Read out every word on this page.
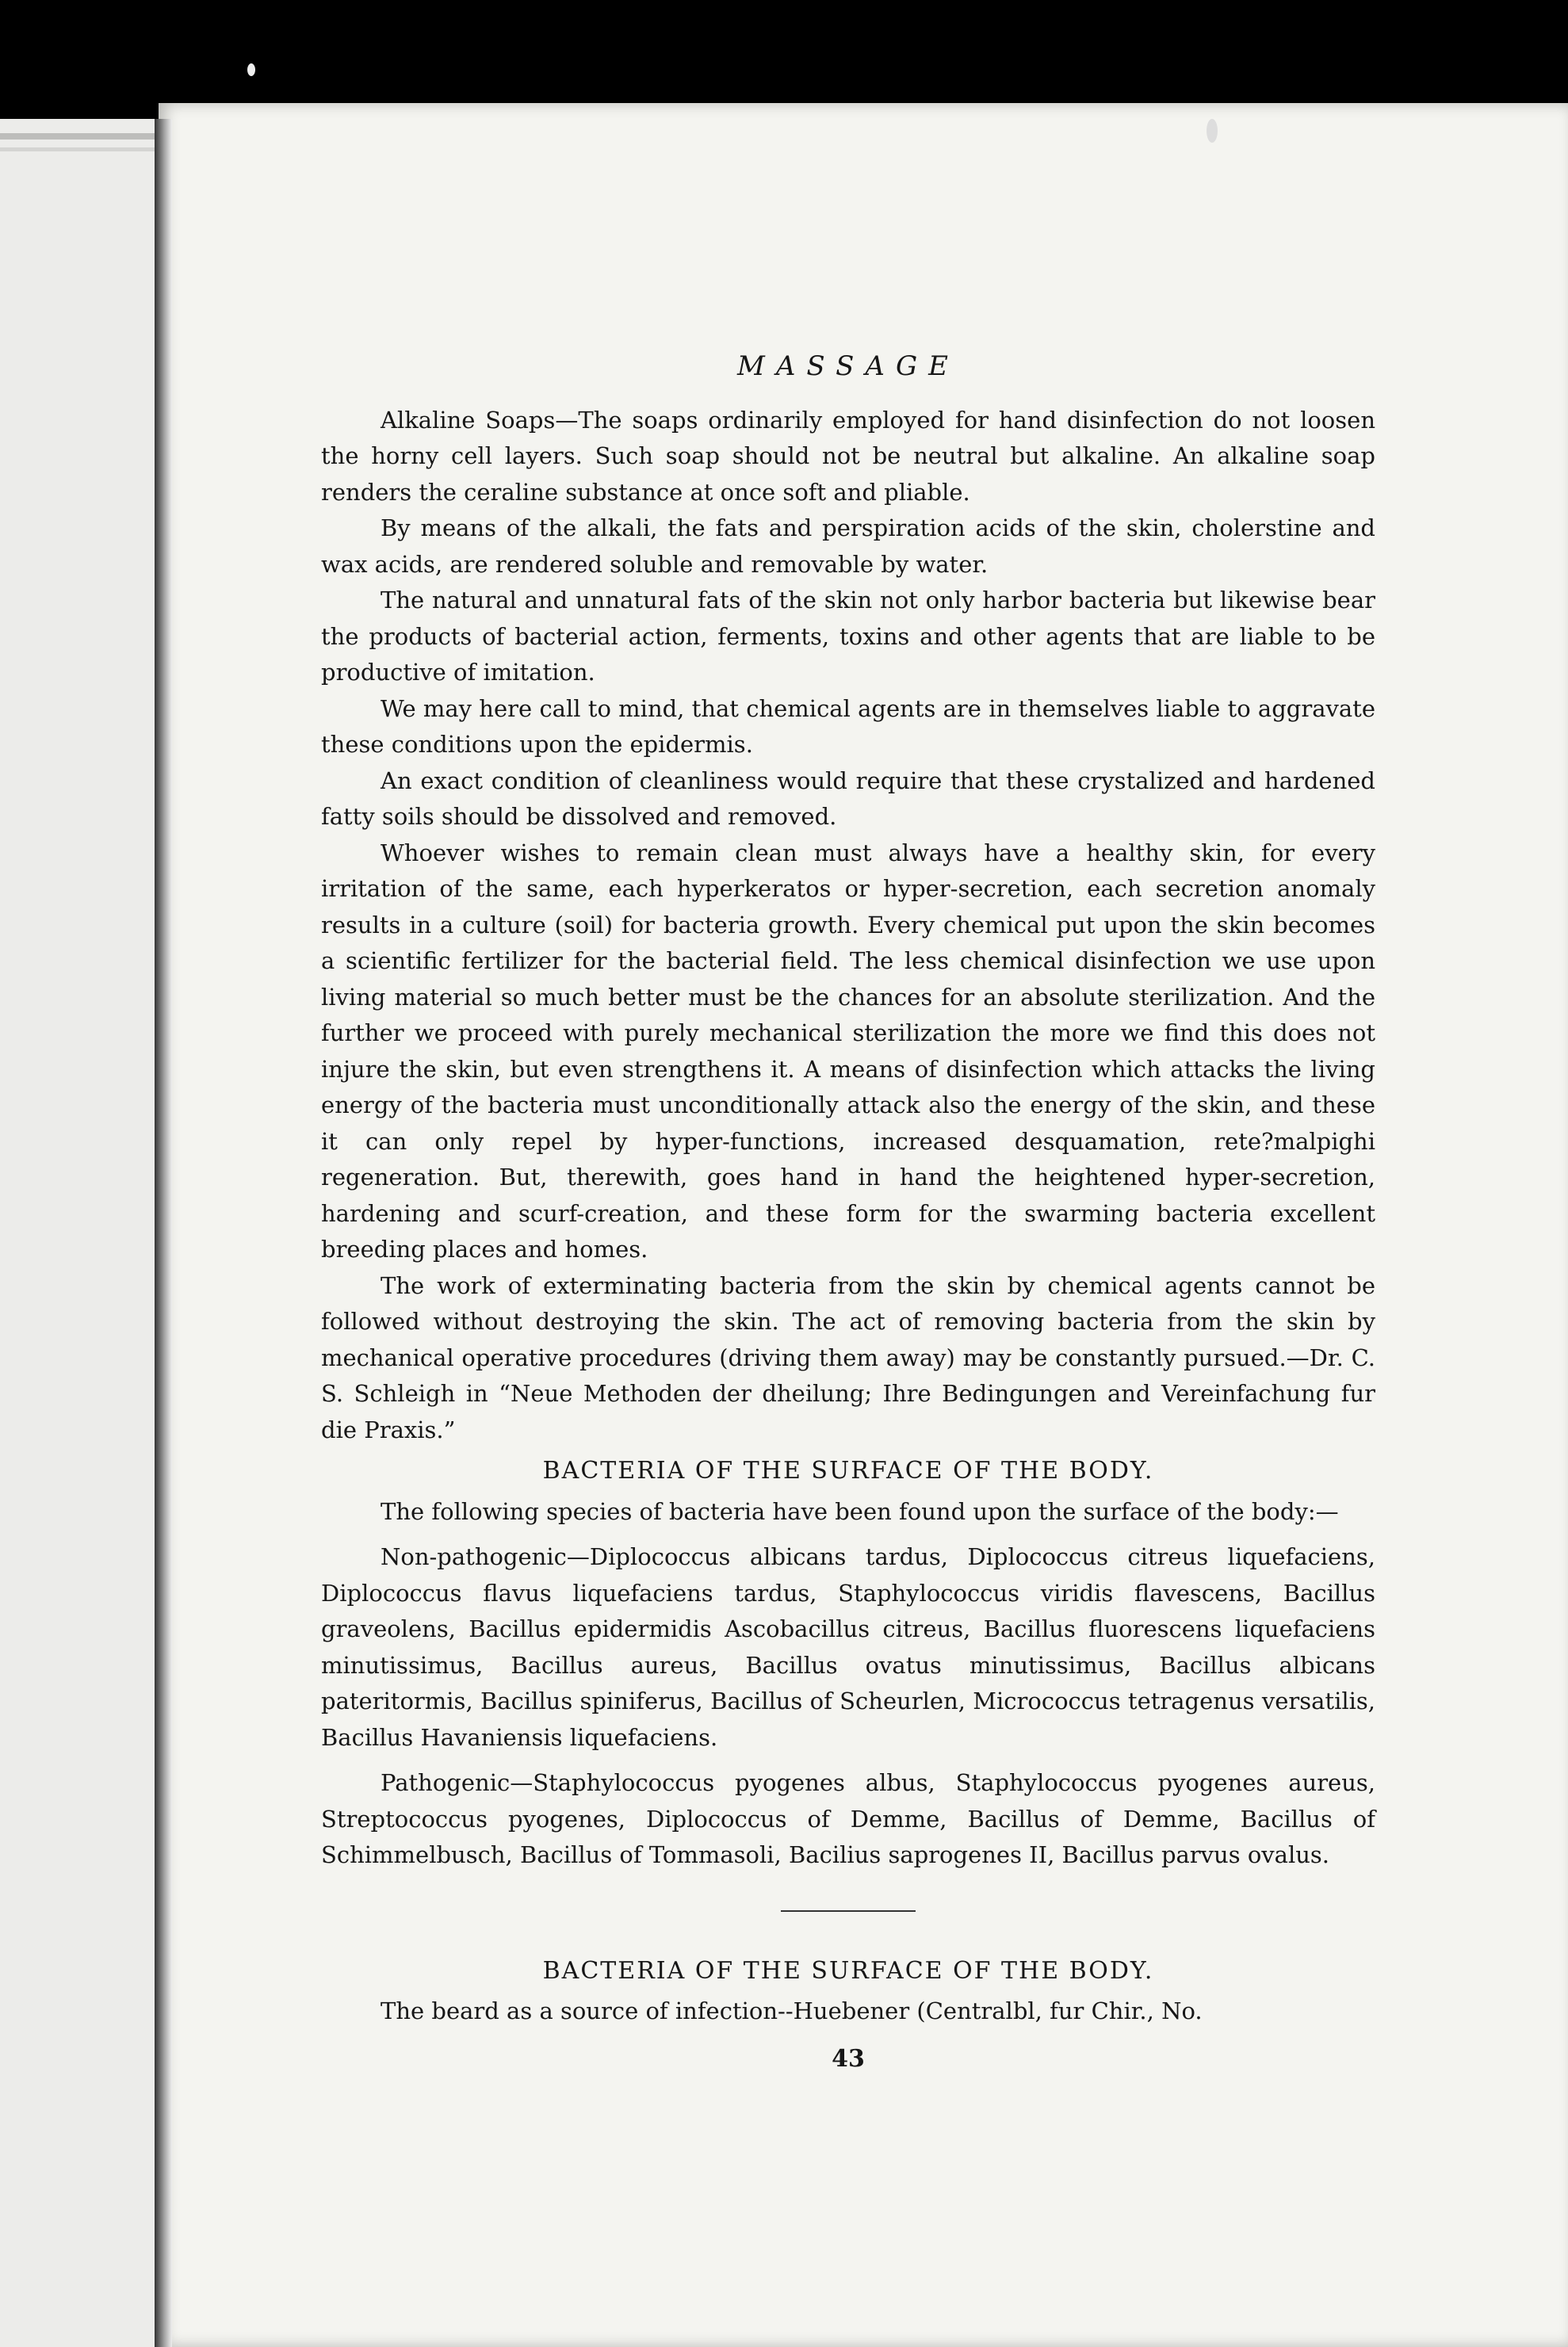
MASSAGE

Alkaline Soaps—The soaps ordinarily employed for hand disinfection do not loosen the horny cell layers. Such soap should not be neutral but alkaline. An alkaline soap renders the ceraline substance at once soft and pliable.

By means of the alkali, the fats and perspiration acids of the skin, cholerstine and wax acids, are rendered soluble and removable by water.

The natural and unnatural fats of the skin not only harbor bacteria but likewise bear the products of bacterial action, ferments, toxins and other agents that are liable to be productive of imitation.

We may here call to mind, that chemical agents are in themselves liable to aggravate these conditions upon the epidermis.

An exact condition of cleanliness would require that these crystalized and hardened fatty soils should be dissolved and removed.

Whoever wishes to remain clean must always have a healthy skin, for every irritation of the same, each hyperkeratos or hyper-secretion, each secretion anomaly results in a culture (soil) for bacteria growth. Every chemical put upon the skin becomes a scientific fertilizer for the bacterial field. The less chemical disinfection we use upon living material so much better must be the chances for an absolute sterilization. And the further we proceed with purely mechanical sterilization the more we find this does not injure the skin, but even strengthens it. A means of disinfection which attacks the living energy of the bacteria must unconditionally attack also the energy of the skin, and these it can only repel by hyper-functions, increased desquamation, rete?malpighi regeneration. But, therewith, goes hand in hand the heightened hyper-secretion, hardening and scurf-creation, and these form for the swarming bacteria excellent breeding places and homes.

The work of exterminating bacteria from the skin by chemical agents cannot be followed without destroying the skin. The act of removing bacteria from the skin by mechanical operative procedures (driving them away) may be constantly pursued.—Dr. C. S. Schleigh in “Neue Methoden der dheilung; Ihre Bedingungen and Vereinfachung fur die Praxis.”

BACTERIA OF THE SURFACE OF THE BODY.

The following species of bacteria have been found upon the surface of the body:—

Non-pathogenic—Diplococcus albicans tardus, Diplococcus citreus liquefaciens, Diplococcus flavus liquefaciens tardus, Staphylococcus viridis flavescens, Bacillus graveolens, Bacillus epidermidis Ascobacillus citreus, Bacillus fluorescens liquefaciens minutissimus, Bacillus aureus, Bacillus ovatus minutissimus, Bacillus albicans pateritormis, Bacillus spiniferus, Bacillus of Scheurlen, Micrococcus tetragenus versatilis, Bacillus Havaniensis liquefaciens.

Pathogenic—Staphylococcus pyogenes albus, Staphylococcus pyogenes aureus, Streptococcus pyogenes, Diplococcus of Demme, Bacillus of Demme, Bacillus of Schimmelbusch, Bacillus of Tommasoli, Bacilius saprogenes II, Bacillus parvus ovalus.

BACTERIA OF THE SURFACE OF THE BODY.

The beard as a source of infection--Huebener (Centralbl, fur Chir., No.

43
